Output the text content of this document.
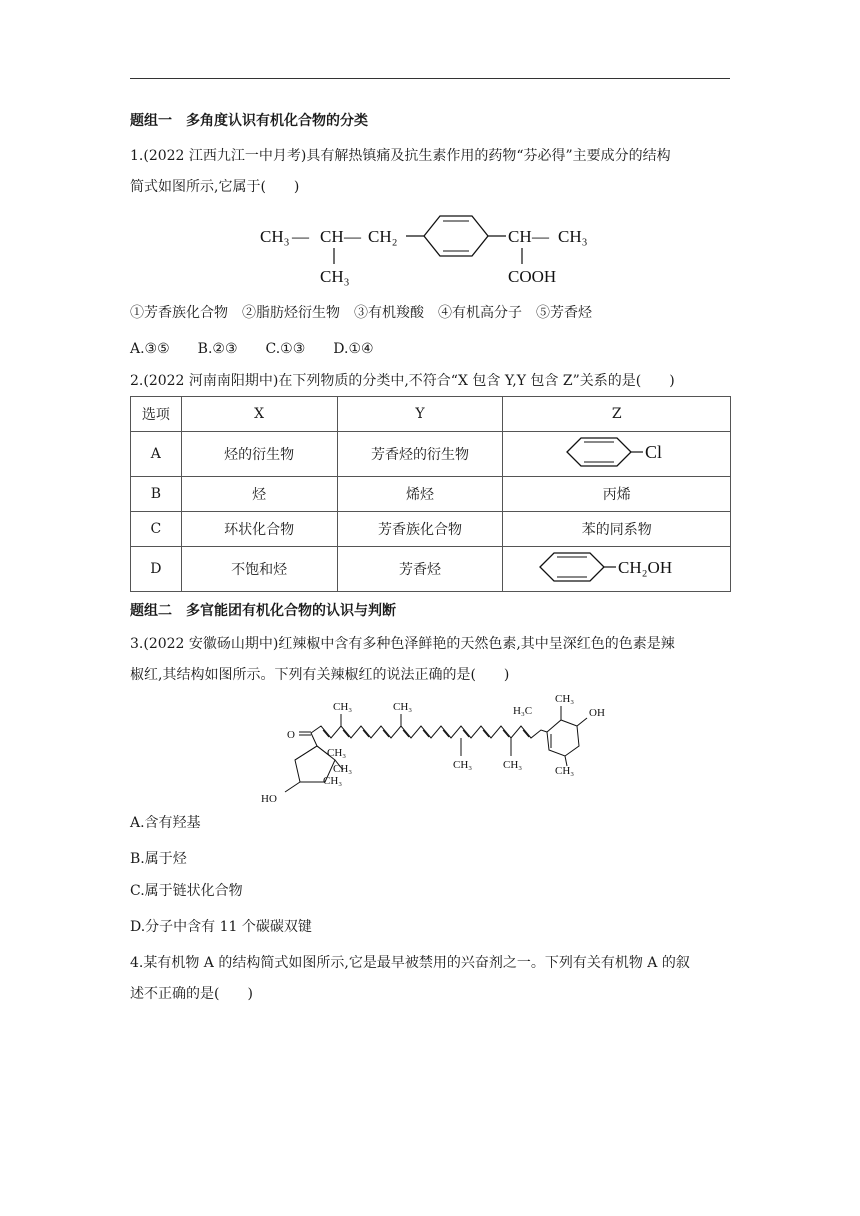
题组一　多角度认识有机化合物的分类
1.(2022 江西九江一中月考)具有解热镇痛及抗生素作用的药物“芬必得”主要成分的结构
简式如图所示,它属于(　　)
CH₃ — CH — CH₂
CH₃
CH — CH₃
COOH
①芳香族化合物　②脂肪烃衍生物　③有机羧酸　④有机高分子　⑤芳香烃
A.③⑤　　B.②③　　C.①③　　D.①④
2.(2022 河南南阳期中)在下列物质的分类中,不符合“X 包含 Y,Y 包含 Z”关系的是(　　)
选项	X	Y	Z
A	烃的衍生物	芳香烃的衍生物	Cl

B	烃	烯烃	丙烯
C	环状化合物	芳香族化合物	苯的同系物
D	不饱和烃	芳香烃	CH₂OH
题组二　多官能团有机化合物的认识与判断
3.(2022 安徽砀山期中)红辣椒中含有多种色泽鲜艳的天然色素,其中呈深红色的色素是辣
椒红,其结构如图所示。下列有关辣椒红的说法正确的是(　　)
O
HO
OH
H₃C
CH₃
CH₃	CH₃
CH₃	CH₃	CH₃
CH₃
CH₃
CH₃
A.含有羟基
B.属于烃
C.属于链状化合物
D.分子中含有 11 个碳碳双键
4.某有机物 A 的结构简式如图所示,它是最早被禁用的兴奋剂之一。下列有关有机物 A 的叙
述不正确的是(　　)
